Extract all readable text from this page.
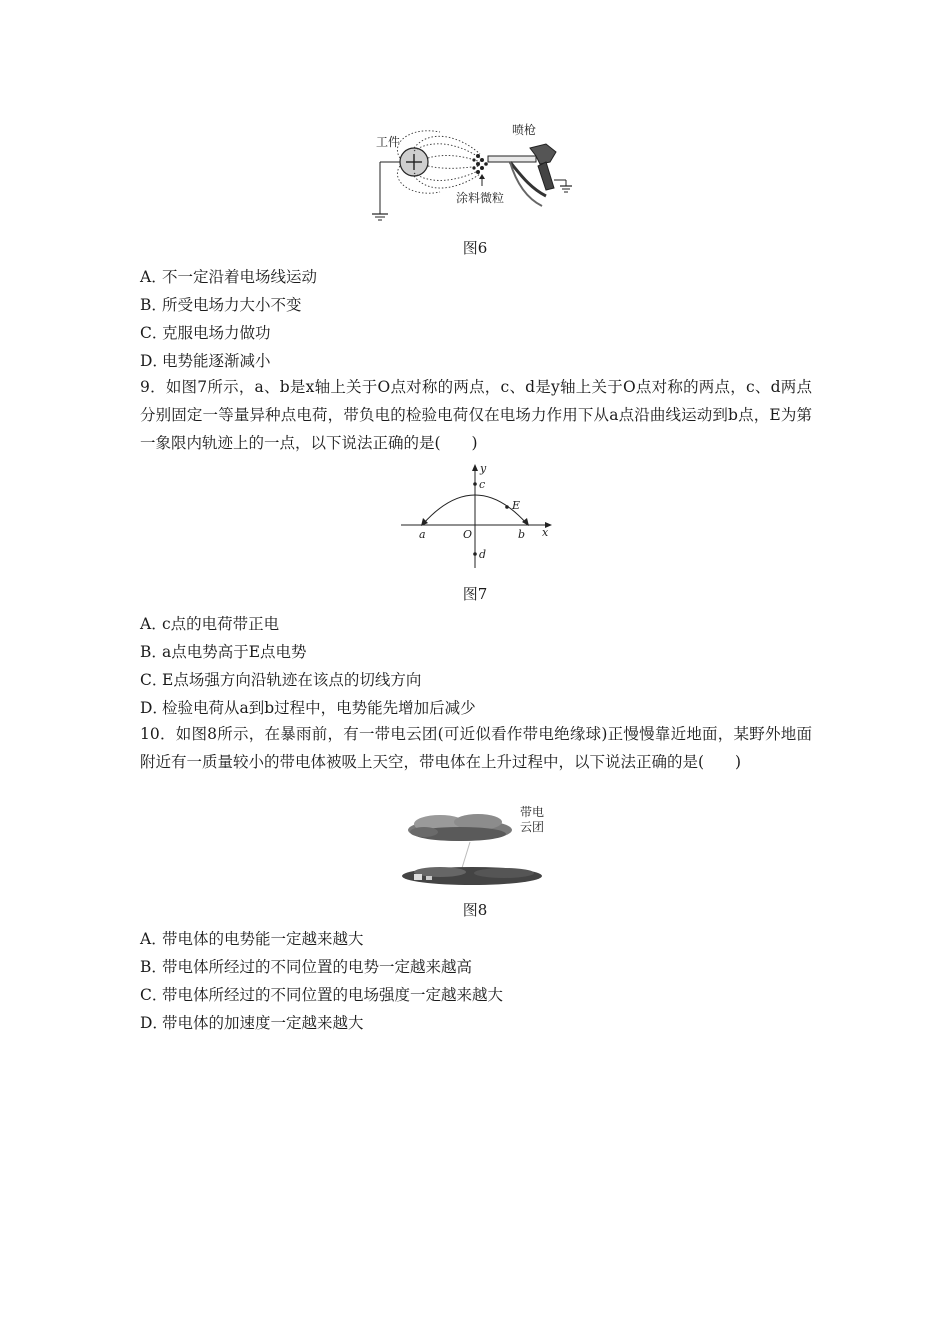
工件
喷枪
涂料微粒
图6
A．不一定沿着电场线运动
B．所受电场力大小不变
C．克服电场力做功
D．电势能逐渐减小
9．如图7所示，a、b是x轴上关于O点对称的两点，c、d是y轴上关于O点对称的两点，c、d两点分别固定一等量异种点电荷，带负电的检验电荷仅在电场力作用下从a点沿曲线运动到b点，E为第一象限内轨迹上的一点，以下说法正确的是(　　)
y
x
c
d
E
a	b
O
图7
A．c点的电荷带正电
B．a点电势高于E点电势
C．E点场强方向沿轨迹在该点的切线方向
D．检验电荷从a到b过程中，电势能先增加后减少
10．如图8所示，在暴雨前，有一带电云团(可近似看作带电绝缘球)正慢慢靠近地面，某野外地面附近有一质量较小的带电体被吸上天空，带电体在上升过程中，以下说法正确的是(　　)
带电
云团
图8
A．带电体的电势能一定越来越大
B．带电体所经过的不同位置的电势一定越来越高
C．带电体所经过的不同位置的电场强度一定越来越大
D．带电体的加速度一定越来越大
